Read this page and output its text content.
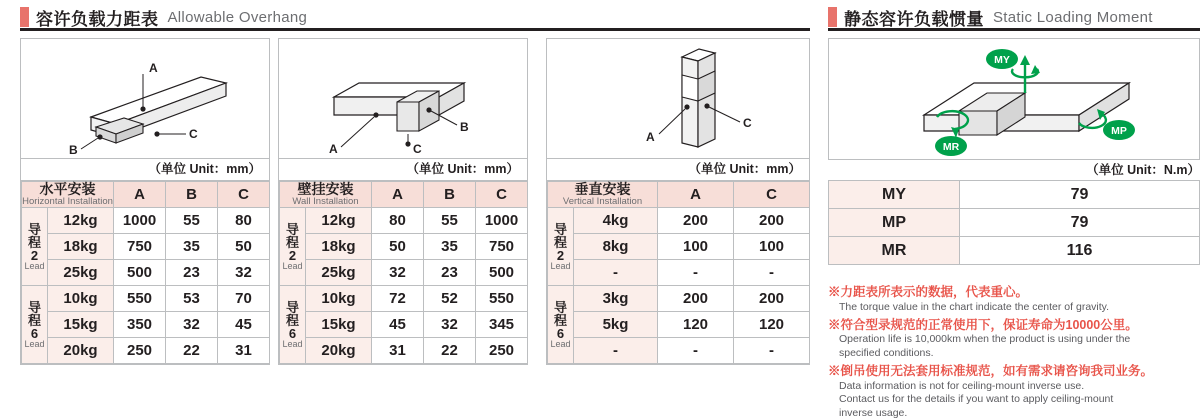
容许负载力距表 Allowable Overhang	静态容许负载惯量 Static Loading Moment
A
C
B
（单位 Unit：mm）
水平安装
Horizontal Installation		A	B	C

导
程
2
Lead	12kg	1000	55	80
	18kg	750	35	50
	25kg	500	23	32

导
程
6
Lead	10kg	550	53	70
	15kg	350	32	45
	20kg	250	22	31
A
B
C
（单位 Unit：mm）
壁挂安装
Wall Installation		A	B	C

导
程
2
Lead	12kg	80	55	1000
	18kg	50	35	750
	25kg	32	23	500

导
程
6
Lead	10kg	72	52	550
	15kg	45	32	345
	20kg	31	22	250
C
A
（单位 Unit：mm）
垂直安装
Vertical Installation		A	C

导
程
2
Lead	4kg	200	200
	8kg	100	100
	-	-	-

导
程
6
Lead	3kg	200	200
	5kg	120	120
	-	-	-
MY
MP
MR
（单位 Unit：N.m）
MY	79
MP	79
MR	116
※力距表所表示的数据，代表重心。
The torque value in the chart indicate the center of gravity.
※符合型录规范的正常使用下，保证寿命为10000公里。
Operation life is 10,000km when the product is using under the
specified conditions.
※倒吊使用无法套用标准规范，如有需求请咨询我司业务。
Data information is not for ceiling-mount inverse use.
Contact us for the details if you want to apply ceiling-mount
inverse usage.
